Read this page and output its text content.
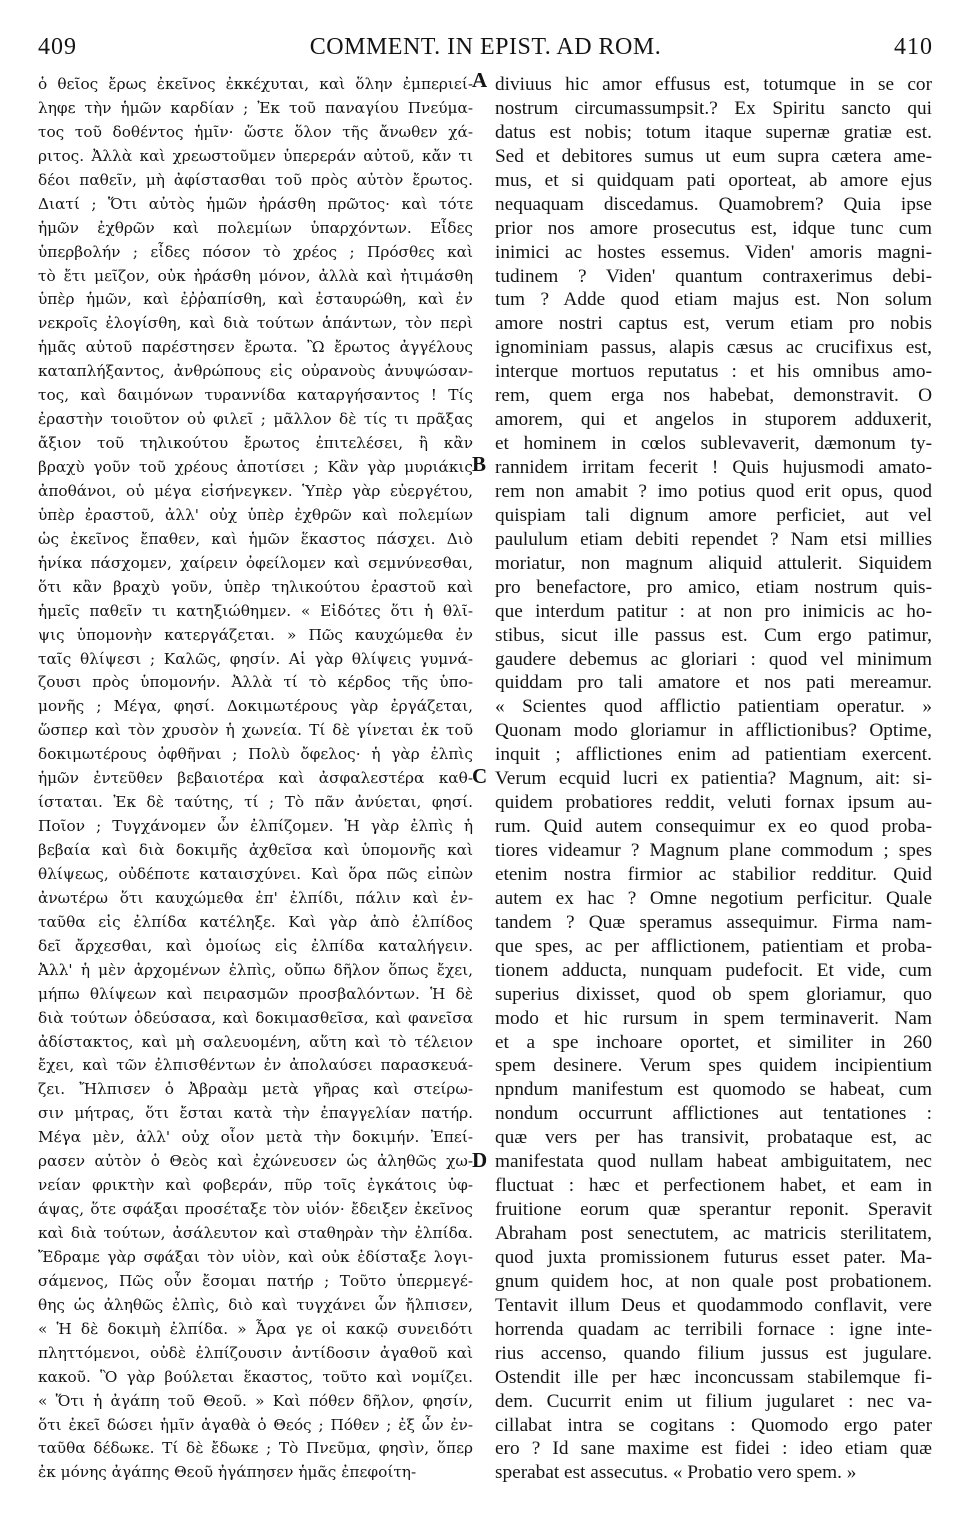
409	COMMENT. IN EPIST. AD ROM.	410
A
B
C
D
ὁ θεῖος ἔρως ἐκεῖνος ἐκκέχυται, καὶ ὅλην ἐμπεριεί-
ληφε τὴν ἡμῶν καρδίαν ; Ἐκ τοῦ παναγίου Πνεύμα-
τος τοῦ δοθέντος ἡμῖν· ὥστε ὅλον τῆς ἄνωθεν χά-
ριτος. Ἀλλὰ καὶ χρεωστοῦμεν ὑπερεράν αὐτοῦ, κἄν τι
δέοι παθεῖν, μὴ ἀφίστασθαι τοῦ πρὸς αὐτὸν ἔρωτος.
Διατί ; Ὅτι αὐτὸς ἡμῶν ἠράσθη πρῶτος· καὶ τότε
ἡμῶν ἐχθρῶν καὶ πολεμίων ὑπαρχόντων. Εἶδες
ὑπερβολήν ; εἶδες πόσον τὸ χρέος ; Πρόσθες καὶ
τὸ ἔτι μεῖζον, οὐκ ἠράσθη μόνον, ἀλλὰ καὶ ἠτιμάσθη
ὑπὲρ ἡμῶν, καὶ ἐῤῥαπίσθη, καὶ ἐσταυρώθη, καὶ ἐν
νεκροῖς ἐλογίσθη, καὶ διὰ τούτων ἁπάντων, τὸν περὶ
ἡμᾶς αὐτοῦ παρέστησεν ἔρωτα. Ὢ ἔρωτος ἀγγέλους
καταπλήξαντος, ἀνθρώπους εἰς οὐρανοὺς ἀνυψώσαν-
τος, καὶ δαιμόνων τυραννίδα καταργήσαντος ! Τίς
ἐραστὴν τοιοῦτον οὐ φιλεῖ ; μᾶλλον δὲ τίς τι πρᾶξας
ἄξιον τοῦ τηλικούτου ἔρωτος ἐπιτελέσει, ἢ κἂν
βραχὺ γοῦν τοῦ χρέους ἀποτίσει ; Κἂν γὰρ μυριάκις
ἀποθάνοι, οὐ μέγα εἰσήνεγκεν. Ὑπὲρ γὰρ εὐεργέτου,
ὑπὲρ ἐραστοῦ, ἀλλ' οὐχ ὑπὲρ ἐχθρῶν καὶ πολεμίων
ὡς ἐκεῖνος ἔπαθεν, καὶ ἡμῶν ἕκαστος πάσχει. Διὸ
ἡνίκα πάσχομεν, χαίρειν ὀφείλομεν καὶ σεμνύνεσθαι,
ὅτι κἂν βραχὺ γοῦν, ὑπὲρ τηλικούτου ἐραστοῦ καὶ
ἡμεῖς παθεῖν τι κατηξιώθημεν. « Εἰδότες ὅτι ἡ θλῖ-
ψις ὑπομονὴν κατεργάζεται. » Πῶς καυχώμεθα ἐν
ταῖς θλίψεσι ; Καλῶς, φησίν. Αἱ γὰρ θλίψεις γυμνά-
ζουσι πρὸς ὑπομονήν. Ἀλλὰ τί τὸ κέρδος τῆς ὑπο-
μονῆς ; Μέγα, φησί. Δοκιμωτέρους γὰρ ἐργάζεται,
ὥσπερ καὶ τὸν χρυσὸν ἡ χωνεία. Τί δὲ γίνεται ἐκ τοῦ
δοκιμωτέρους ὀφθῆναι ; Πολὺ ὄφελος· ἡ γὰρ ἐλπὶς
ἡμῶν ἐντεῦθεν βεβαιοτέρα καὶ ἀσφαλεστέρα καθ-
ίσταται. Ἐκ δὲ ταύτης, τί ; Τὸ πᾶν ἀνύεται, φησί.
Ποῖον ; Τυγχάνομεν ὧν ἐλπίζομεν. Ἡ γὰρ ἐλπὶς ἡ
βεβαία καὶ διὰ δοκιμῆς ἀχθεῖσα καὶ ὑπομονῆς καὶ
θλίψεως, οὐδέποτε καταισχύνει. Καὶ ὅρα πῶς εἰπὼν
ἀνωτέρω ὅτι καυχώμεθα ἐπ' ἐλπίδι, πάλιν καὶ ἐν-
ταῦθα εἰς ἐλπίδα κατέληξε. Καὶ γὰρ ἀπὸ ἐλπίδος
δεῖ ἄρχεσθαι, καὶ ὁμοίως εἰς ἐλπίδα καταλήγειν.
Ἀλλ' ἡ μὲν ἀρχομένων ἐλπὶς, οὔπω δῆλον ὅπως ἔχει,
μήπω θλίψεων καὶ πειρασμῶν προσβαλόντων. Ἡ δὲ
διὰ τούτων ὁδεύσασα, καὶ δοκιμασθεῖσα, καὶ φανεῖσα
ἀδίστακτος, καὶ μὴ σαλευομένη, αὕτη καὶ τὸ τέλειον
ἔχει, καὶ τῶν ἐλπισθέντων ἐν ἀπολαύσει παρασκευά-
ζει. Ἤλπισεν ὁ Ἀβραὰμ μετὰ γῆρας καὶ στείρω-
σιν μήτρας, ὅτι ἔσται κατὰ τὴν ἐπαγγελίαν πατήρ.
Μέγα μὲν, ἀλλ' οὐχ οἷον μετὰ τὴν δοκιμήν. Ἐπεί-
ρασεν αὐτὸν ὁ Θεὸς καὶ ἐχώνευσεν ὡς ἀληθῶς χω-
νείαν φρικτὴν καὶ φοβεράν, πῦρ τοῖς ἐγκάτοις ὑφ-
άψας, ὅτε σφάξαι προσέταξε τὸν υἱόν· ἔδειξεν ἐκεῖνος
καὶ διὰ τούτων, ἀσάλευτον καὶ σταθηρὰν τὴν ἐλπίδα.
Ἔδραμε γὰρ σφάξαι τὸν υἱὸν, καὶ οὐκ ἐδίσταξε λογι-
σάμενος, Πῶς οὖν ἔσομαι πατήρ ; Τοῦτο ὑπερμεγέ-
θης ὡς ἀληθῶς ἐλπὶς, διὸ καὶ τυγχάνει ὧν ἤλπισεν,
« Ἡ δὲ δοκιμὴ ἐλπίδα. » Ἆρα γε οἱ κακῷ συνειδότι
πληττόμενοι, οὐδὲ ἐλπίζουσιν ἀντίδοσιν ἀγαθοῦ καὶ
κακοῦ. Ὃ γὰρ βούλεται ἕκαστος, τοῦτο καὶ νομίζει.
« Ὅτι ἡ ἀγάπη τοῦ Θεοῦ. » Καὶ πόθεν δῆλον, φησίν,
ὅτι ἐκεῖ δώσει ἡμῖν ἀγαθὰ ὁ Θεός ; Πόθεν ; ἐξ ὧν ἐν-
ταῦθα δέδωκε. Τί δὲ ἔδωκε ; Τὸ Πνεῦμα, φησὶν, ὅπερ
ἐκ μόνης ἀγάπης Θεοῦ ἠγάπησεν ἡμᾶς ἐπεφοίτη-
diviuus hic amor effusus est, totumque in se cor
nostrum circumassumpsit.? Ex Spiritu sancto qui
datus est nobis; totum itaque supernæ gratiæ est.
Sed et debitores sumus ut eum supra cætera ame-
mus, et si quidquam pati oporteat, ab amore ejus
nequaquam discedamus. Quamobrem? Quia ipse
prior nos amore prosecutus est, idque tunc cum
inimici ac hostes essemus. Viden' amoris magni-
tudinem ? Viden' quantum contraxerimus debi-
tum ? Adde quod etiam majus est. Non solum
amore nostri captus est, verum etiam pro nobis
ignominiam passus, alapis cæsus ac crucifixus est,
interque mortuos reputatus : et his omnibus amo-
rem, quem erga nos habebat, demonstravit. O
amorem, qui et angelos in stuporem adduxerit,
et hominem in cœlos sublevaverit, dæmonum ty-
rannidem irritam fecerit ! Quis hujusmodi amato-
rem non amabit ? imo potius quod erit opus, quod
quispiam tali dignum amore perficiet, aut vel
paululum etiam debiti rependet ? Nam etsi millies
moriatur, non magnum aliquid attulerit. Siquidem
pro benefactore, pro amico, etiam nostrum quis-
que interdum patitur : at non pro inimicis ac ho-
stibus, sicut ille passus est. Cum ergo patimur,
gaudere debemus ac gloriari : quod vel minimum
quiddam pro tali amatore et nos pati mereamur.
« Scientes quod afflictio patientiam operatur. »
Quonam modo gloriamur in afflictionibus? Optime,
inquit ; afflictiones enim ad patientiam exercent.
Verum ecquid lucri ex patientia? Magnum, ait: si-
quidem probatiores reddit, veluti fornax ipsum au-
rum. Quid autem consequimur ex eo quod proba-
tiores videamur ? Magnum plane commodum ; spes
etenim nostra firmior ac stabilior redditur. Quid
autem ex hac ? Omne negotium perficitur. Quale
tandem ? Quæ speramus assequimur. Firma nam-
que spes, ac per afflictionem, patientiam et proba-
tionem adducta, nunquam pudefocit. Et vide, cum
superius dixisset, quod ob spem gloriamur, quo
modo et hic rursum in spem terminaverit. Nam
et a spe inchoare oportet, et similiter in 260
spem desinere. Verum spes quidem incipientium
npndum manifestum est quomodo se habeat, cum
nondum occurrunt afflictiones aut tentationes :
quæ vers per has transivit, probataque est, ac
manifestata quod nullam habeat ambiguitatem, nec
fluctuat : hæc et perfectionem habet, et eam in
fruitione eorum quæ sperantur reponit. Speravit
Abraham post senectutem, ac matricis sterilitatem,
quod juxta promissionem futurus esset pater. Ma-
gnum quidem hoc, at non quale post probationem.
Tentavit illum Deus et quodammodo conflavit, vere
horrenda quadam ac terribili fornace : igne inte-
rius accenso, quando filium jussus est jugulare.
Ostendit ille per hæc inconcussam stabilemque fi-
dem. Cucurrit enim ut filium jugularet : nec va-
cillabat intra se cogitans : Quomodo ergo pater
ero ? Id sane maxime est fidei : ideo etiam quæ
sperabat est assecutus. « Probatio vero spem. »
